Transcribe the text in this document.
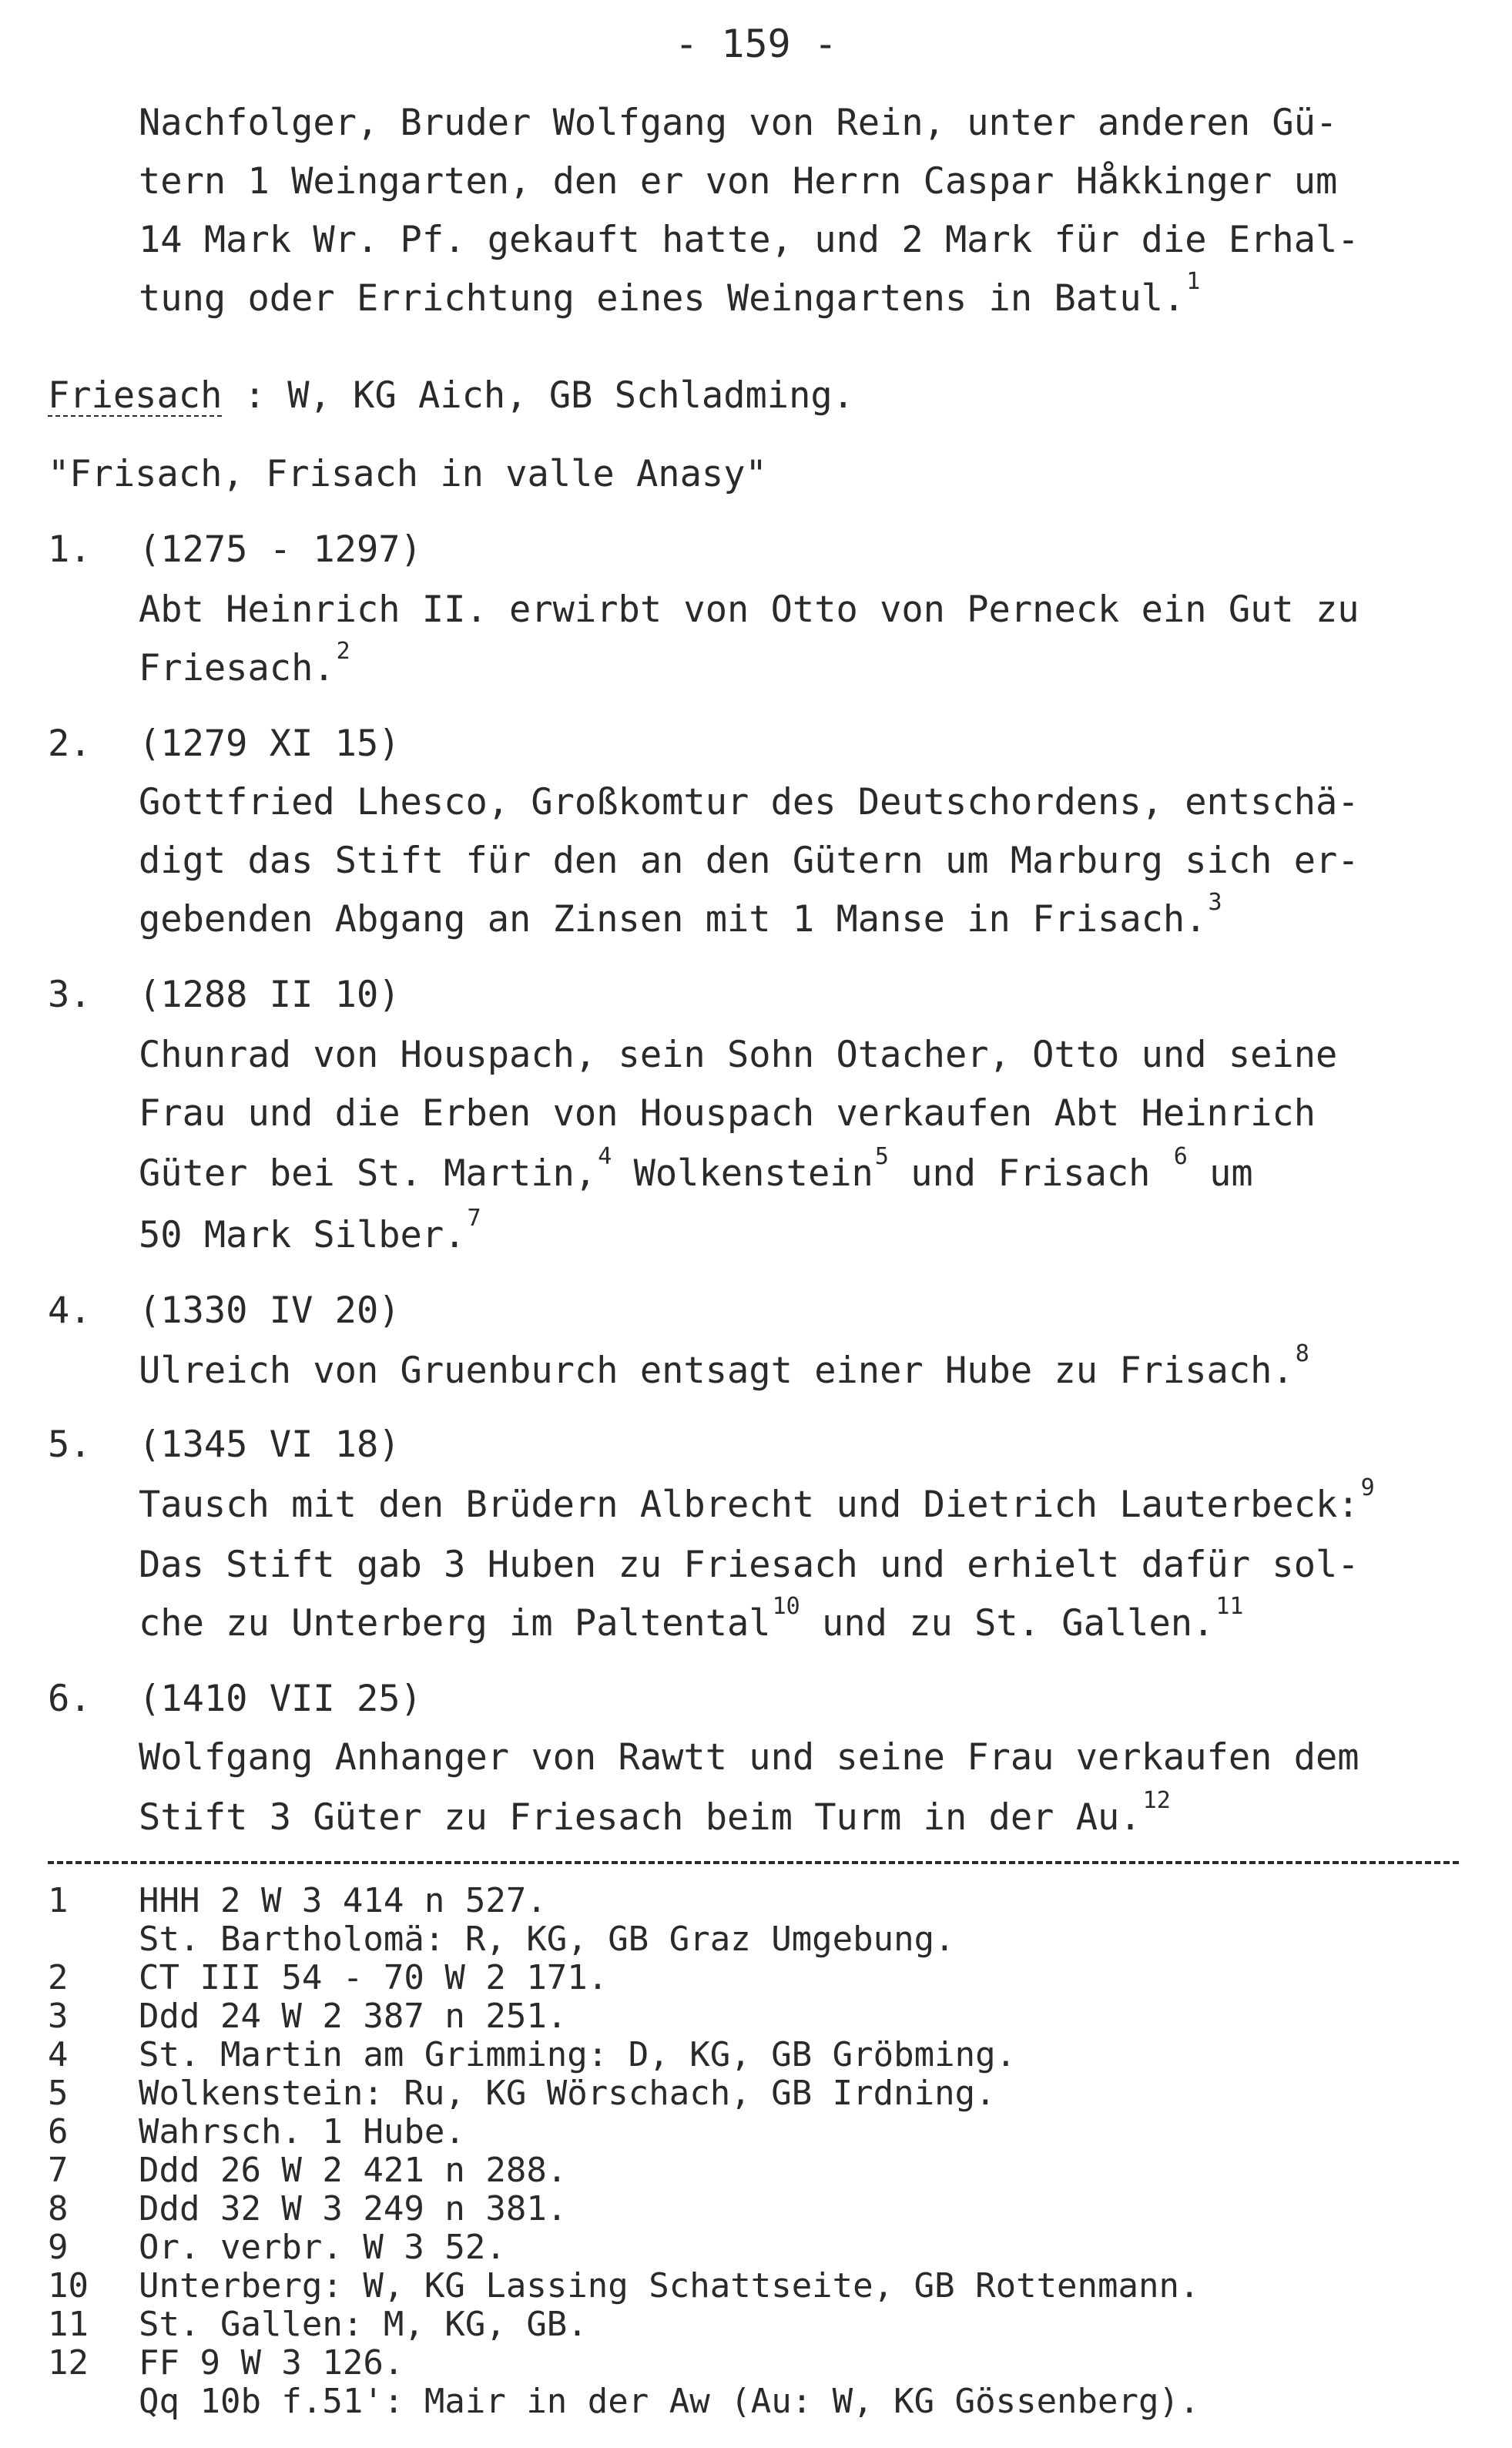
- 159 -
Nachfolger, Bruder Wolfgang von Rein, unter anderen Gü-
tern 1 Weingarten, den er von Herrn Caspar Håkkinger um
14 Mark Wr. Pf. gekauft hatte, und 2 Mark für die Erhal-
tung oder Errichtung eines Weingartens in Batul.$^1$
Friesach : W, KG Aich, GB Schladming.
"Frisach, Frisach in valle Anasy"
1. (1275 - 1297)
Abt Heinrich II. erwirbt von Otto von Perneck ein Gut zu
Friesach.$^2$
2. (1279 XI 15)
Gottfried Lhesco, Großkomtur des Deutschordens, entschä-
digt das Stift für den an den Gütern um Marburg sich er-
gebenden Abgang an Zinsen mit 1 Manse in Frisach.$^3$
3. (1288 II 10)
Chunrad von Houspach, sein Sohn Otacher, Otto und seine
Frau und die Erben von Houspach verkaufen Abt Heinrich
Güter bei St. Martin,$^4$ Wolkenstein$^5$ und Frisach $^6$ um
50 Mark Silber.$^7$
4. (1330 IV 20)
Ulreich von Gruenburch entsagt einer Hube zu Frisach.$^8$
5. (1345 VI 18)
Tausch mit den Brüdern Albrecht und Dietrich Lauterbeck:$^9$
Das Stift gab 3 Huben zu Friesach und erhielt dafür sol-
che zu Unterberg im Paltental$^{10}$ und zu St. Gallen.$^{11}$
6. (1410 VII 25)
Wolfgang Anhanger von Rawtt und seine Frau verkaufen dem
Stift 3 Güter zu Friesach beim Turm in der Au.$^{12}$
1 HHH 2 W 3 414 n 527.
St. Bartholomä: R, KG, GB Graz Umgebung.
2 CT III 54 - 70 W 2 171.
3 Ddd 24 W 2 387 n 251.
4 St. Martin am Grimming: D, KG, GB Gröbming.
5 Wolkenstein: Ru, KG Wörschach, GB Irdning.
6 Wahrsch. 1 Hube.
7 Ddd 26 W 2 421 n 288.
8 Ddd 32 W 3 249 n 381.
9 Or. verbr. W 3 52.
10 Unterberg: W, KG Lassing Schattseite, GB Rottenmann.
11 St. Gallen: M, KG, GB.
12 FF 9 W 3 126.
Qq 10b f.51': Mair in der Aw (Au: W, KG Gössenberg).
